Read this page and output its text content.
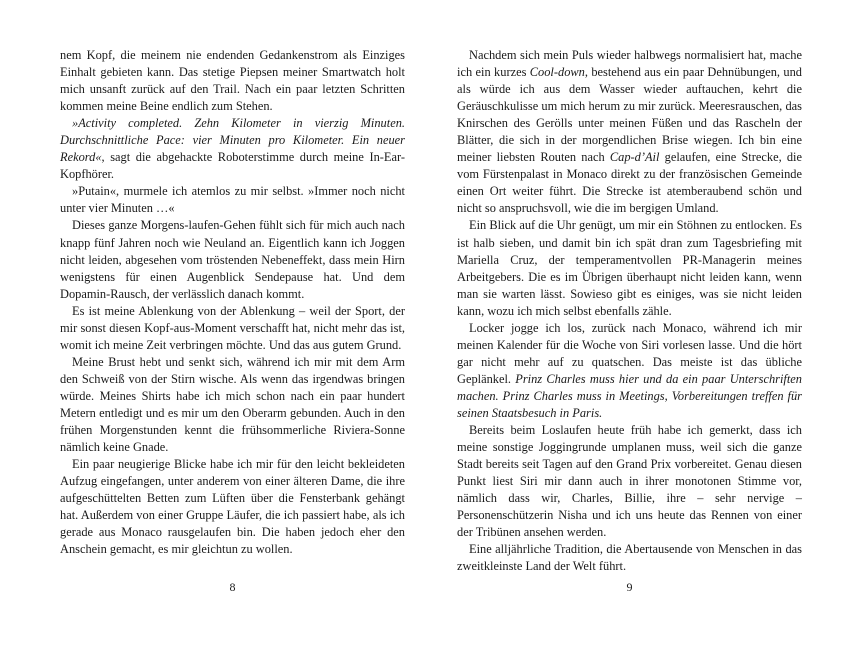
nem Kopf, die meinem nie endenden Gedankenstrom als Einziges Einhalt gebieten kann. Das stetige Piepsen meiner Smartwatch holt mich unsanft zurück auf den Trail. Nach ein paar letzten Schritten kommen meine Beine endlich zum Stehen.

»Activity completed. Zehn Kilometer in vierzig Minuten. Durchschnittliche Pace: vier Minuten pro Kilometer. Ein neuer Rekord«, sagt die abgehackte Roboterstimme durch meine In-Ear-Kopfhörer.

»Putain«, murmele ich atemlos zu mir selbst. »Immer noch nicht unter vier Minuten …«

Dieses ganze Morgens-laufen-Gehen fühlt sich für mich auch nach knapp fünf Jahren noch wie Neuland an. Eigentlich kann ich Joggen nicht leiden, abgesehen vom tröstenden Nebeneffekt, dass mein Hirn wenigstens für einen Augenblick Sendepause hat. Und dem Dopamin-Rausch, der verlässlich danach kommt.

Es ist meine Ablenkung von der Ablenkung – weil der Sport, der mir sonst diesen Kopf-aus-Moment verschafft hat, nicht mehr das ist, womit ich meine Zeit verbringen möchte. Und das aus gutem Grund.

Meine Brust hebt und senkt sich, während ich mir mit dem Arm den Schweiß von der Stirn wische. Als wenn das irgendwas bringen würde. Meines Shirts habe ich mich schon nach ein paar hundert Metern entledigt und es mir um den Oberarm gebunden. Auch in den frühen Morgenstunden kennt die frühsommerliche Riviera-Sonne nämlich keine Gnade.

Ein paar neugierige Blicke habe ich mir für den leicht bekleideten Aufzug eingefangen, unter anderem von einer älteren Dame, die ihre aufgeschüttelten Betten zum Lüften über die Fensterbank gehängt hat. Außerdem von einer Gruppe Läufer, die ich passiert habe, als ich gerade aus Monaco rausgelaufen bin. Die haben jedoch eher den Anschein gemacht, es mir gleichtun zu wollen.

8

Nachdem sich mein Puls wieder halbwegs normalisiert hat, mache ich ein kurzes Cool-down, bestehend aus ein paar Dehnübungen, und als würde ich aus dem Wasser wieder auftauchen, kehrt die Geräuschkulisse um mich herum zu mir zurück. Meeresrauschen, das Knirschen des Gerölls unter meinen Füßen und das Rascheln der Blätter, die sich in der morgendlichen Brise wiegen. Ich bin eine meiner liebsten Routen nach Cap-d’Ail gelaufen, eine Strecke, die vom Fürstenpalast in Monaco direkt zu der französischen Gemeinde einen Ort weiter führt. Die Strecke ist atemberaubend schön und nicht so anspruchsvoll, wie die im bergigen Umland.

Ein Blick auf die Uhr genügt, um mir ein Stöhnen zu entlocken. Es ist halb sieben, und damit bin ich spät dran zum Tagesbriefing mit Mariella Cruz, der temperamentvollen PR-Managerin meines Arbeitgebers. Die es im Übrigen überhaupt nicht leiden kann, wenn man sie warten lässt. Sowieso gibt es einiges, was sie nicht leiden kann, wozu ich mich selbst ebenfalls zähle.

Locker jogge ich los, zurück nach Monaco, während ich mir meinen Kalender für die Woche von Siri vorlesen lasse. Und die hört gar nicht mehr auf zu quatschen. Das meiste ist das übliche Geplänkel. Prinz Charles muss hier und da ein paar Unterschriften machen. Prinz Charles muss in Meetings, Vorbereitungen treffen für seinen Staatsbesuch in Paris.

Bereits beim Loslaufen heute früh habe ich gemerkt, dass ich meine sonstige Joggingrunde umplanen muss, weil sich die ganze Stadt bereits seit Tagen auf den Grand Prix vorbereitet. Genau diesen Punkt liest Siri mir dann auch in ihrer monotonen Stimme vor, nämlich dass wir, Charles, Billie, ihre – sehr nervige – Personenschützerin Nisha und ich uns heute das Rennen von einer der Tribünen ansehen werden.

Eine alljährliche Tradition, die Abertausende von Menschen in das zweitkleinste Land der Welt führt.

9
